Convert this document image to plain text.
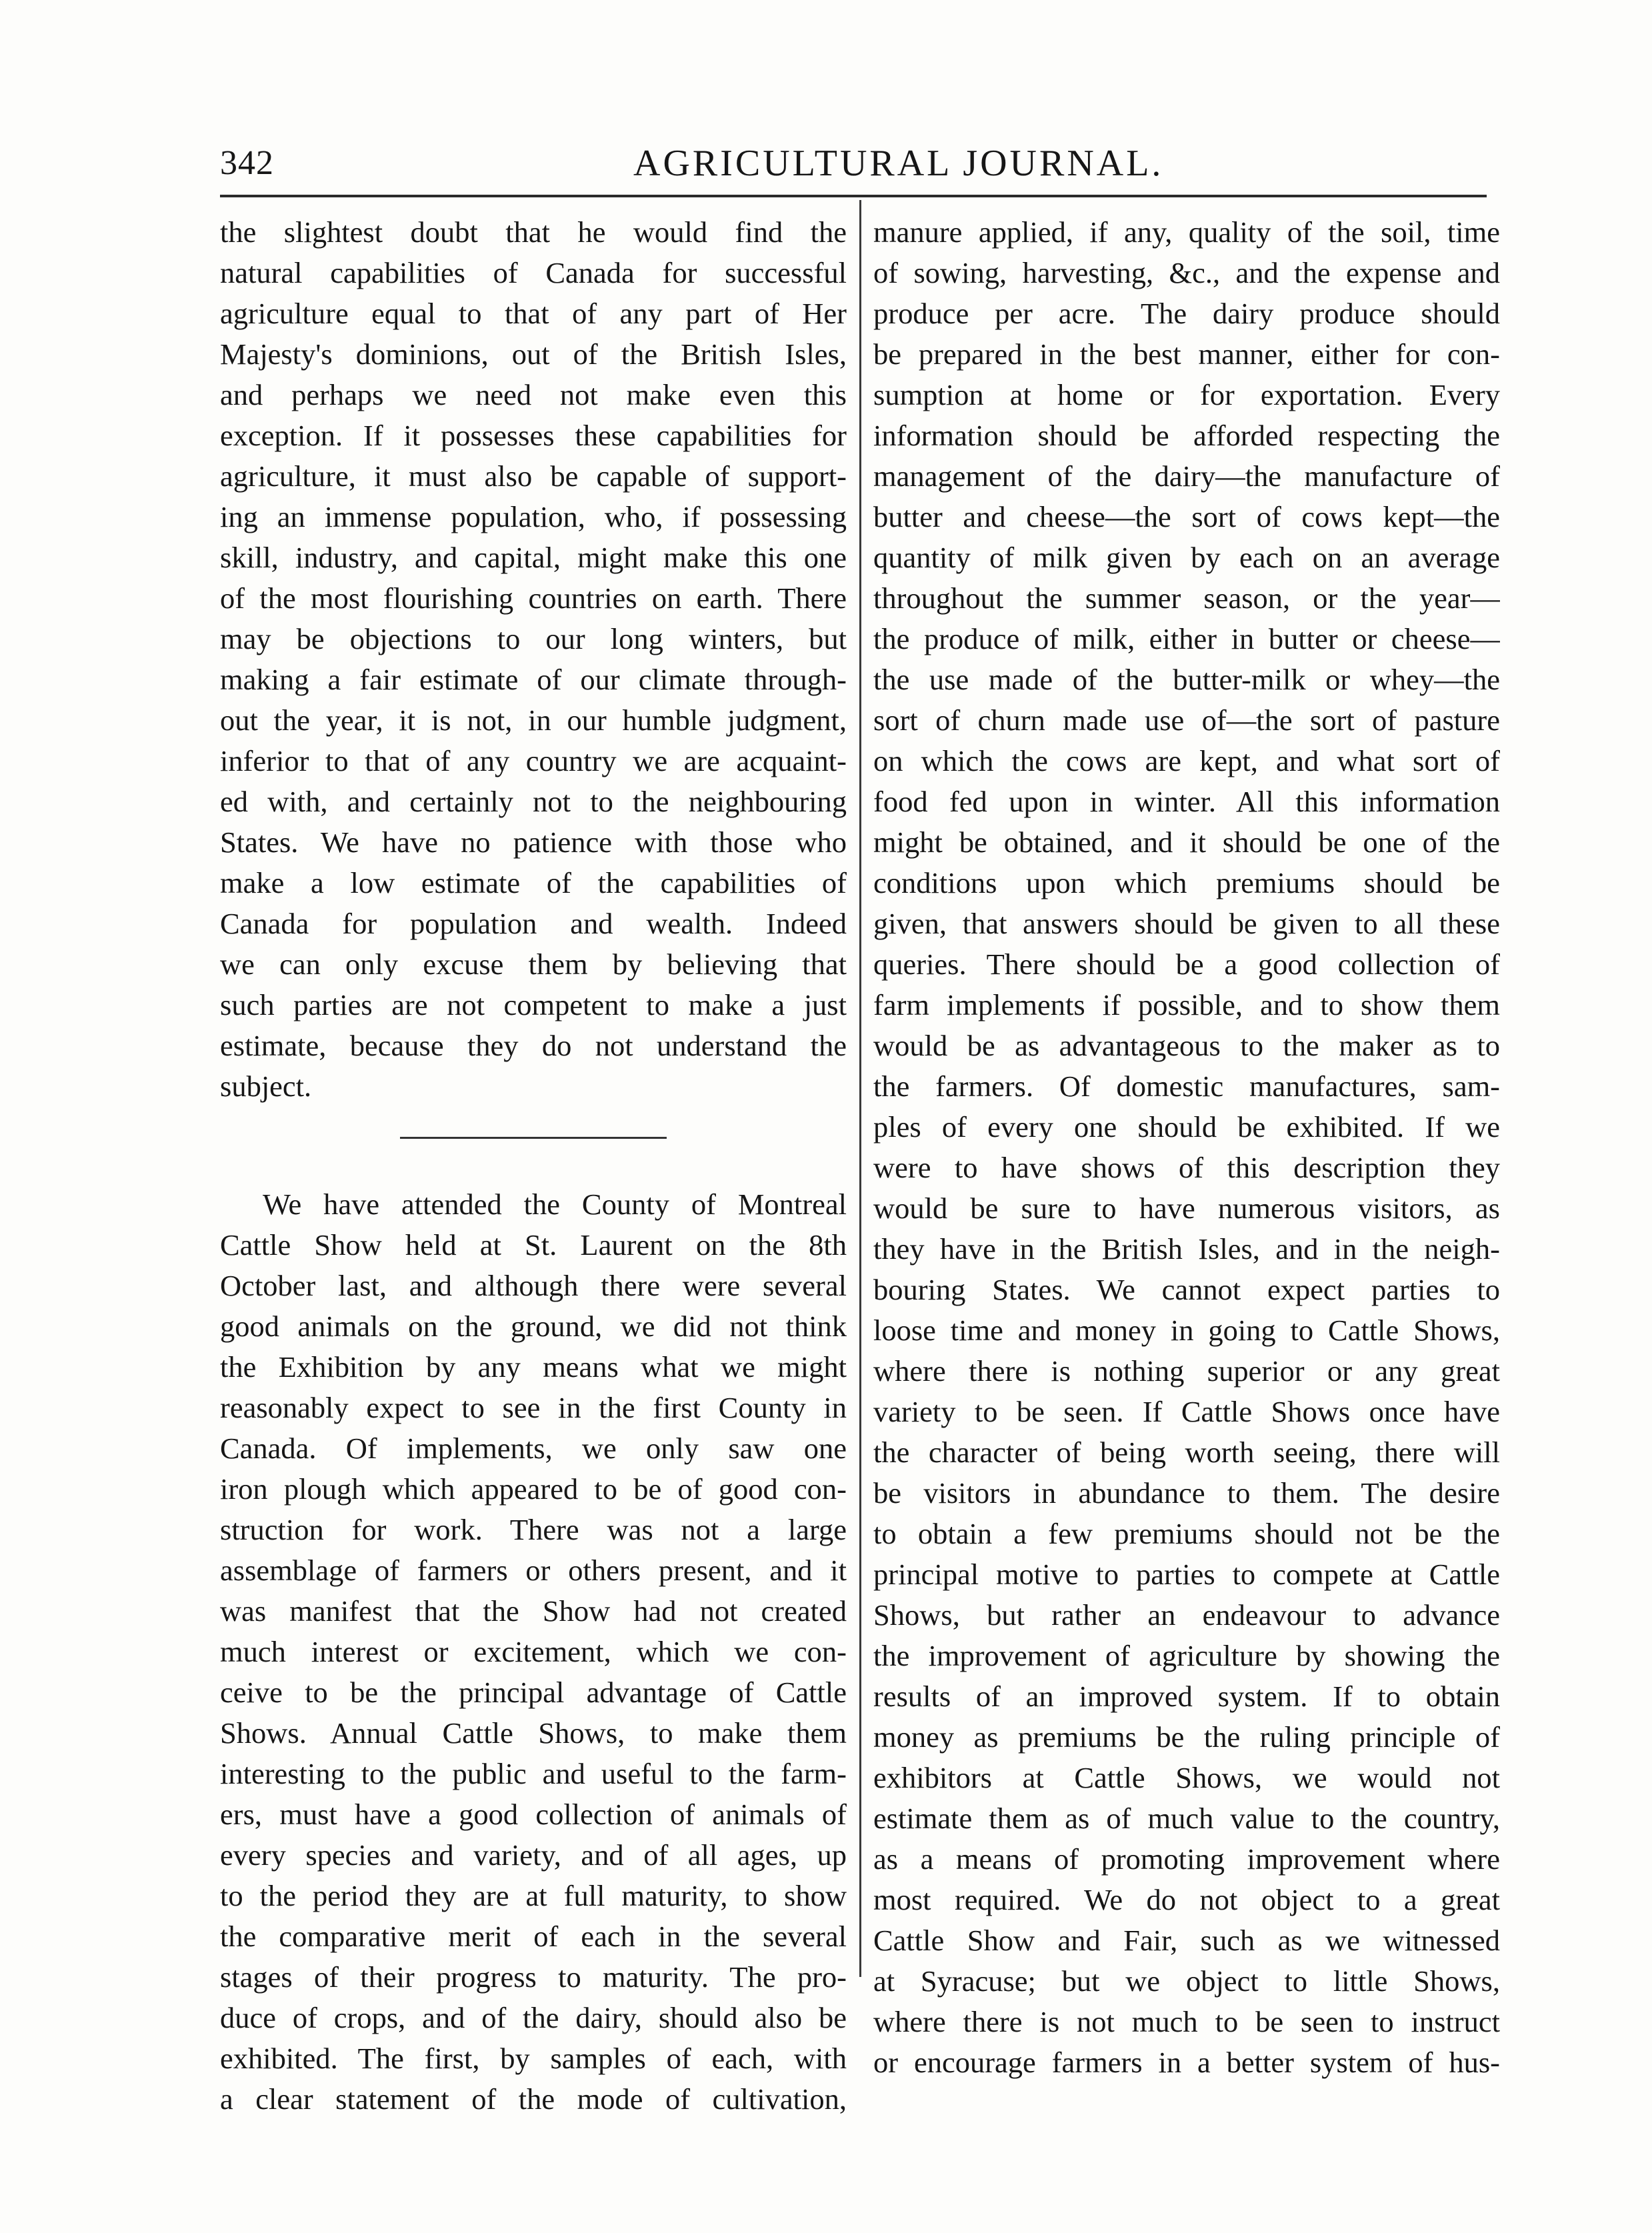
342	AGRICULTURAL JOURNAL.
the slightest doubt that he would find the
natural capabilities of Canada for successful
agriculture equal to that of any part of Her
Majesty's dominions, out of the British Isles,
and perhaps we need not make even this
exception. If it possesses these capabilities for
agriculture, it must also be capable of support-
ing an immense population, who, if possessing
skill, industry, and capital, might make this one
of the most flourishing countries on earth. There
may be objections to our long winters, but
making a fair estimate of our climate through-
out the year, it is not, in our humble judgment,
inferior to that of any country we are acquaint-
ed with, and certainly not to the neighbouring
States. We have no patience with those who
make a low estimate of the capabilities of
Canada for population and wealth. Indeed
we can only excuse them by believing that
such parties are not competent to make a just
estimate, because they do not understand the
subject.
We have attended the County of Montreal
Cattle Show held at St. Laurent on the 8th
October last, and although there were several
good animals on the ground, we did not think
the Exhibition by any means what we might
reasonably expect to see in the first County in
Canada. Of implements, we only saw one
iron plough which appeared to be of good con-
struction for work. There was not a large
assemblage of farmers or others present, and it
was manifest that the Show had not created
much interest or excitement, which we con-
ceive to be the principal advantage of Cattle
Shows. Annual Cattle Shows, to make them
interesting to the public and useful to the farm-
ers, must have a good collection of animals of
every species and variety, and of all ages, up
to the period they are at full maturity, to show
the comparative merit of each in the several
stages of their progress to maturity. The pro-
duce of crops, and of the dairy, should also be
exhibited. The first, by samples of each, with
a clear statement of the mode of cultivation,
manure applied, if any, quality of the soil, time
of sowing, harvesting, &c., and the expense and
produce per acre. The dairy produce should
be prepared in the best manner, either for con-
sumption at home or for exportation. Every
information should be afforded respecting the
management of the dairy—the manufacture of
butter and cheese—the sort of cows kept—the
quantity of milk given by each on an average
throughout the summer season, or the year—
the produce of milk, either in butter or cheese—
the use made of the butter-milk or whey—the
sort of churn made use of—the sort of pasture
on which the cows are kept, and what sort of
food fed upon in winter. All this information
might be obtained, and it should be one of the
conditions upon which premiums should be
given, that answers should be given to all these
queries. There should be a good collection of
farm implements if possible, and to show them
would be as advantageous to the maker as to
the farmers. Of domestic manufactures, sam-
ples of every one should be exhibited. If we
were to have shows of this description they
would be sure to have numerous visitors, as
they have in the British Isles, and in the neigh-
bouring States. We cannot expect parties to
loose time and money in going to Cattle Shows,
where there is nothing superior or any great
variety to be seen. If Cattle Shows once have
the character of being worth seeing, there will
be visitors in abundance to them. The desire
to obtain a few premiums should not be the
principal motive to parties to compete at Cattle
Shows, but rather an endeavour to advance
the improvement of agriculture by showing the
results of an improved system. If to obtain
money as premiums be the ruling principle of
exhibitors at Cattle Shows, we would not
estimate them as of much value to the country,
as a means of promoting improvement where
most required. We do not object to a great
Cattle Show and Fair, such as we witnessed
at Syracuse; but we object to little Shows,
where there is not much to be seen to instruct
or encourage farmers in a better system of hus-
